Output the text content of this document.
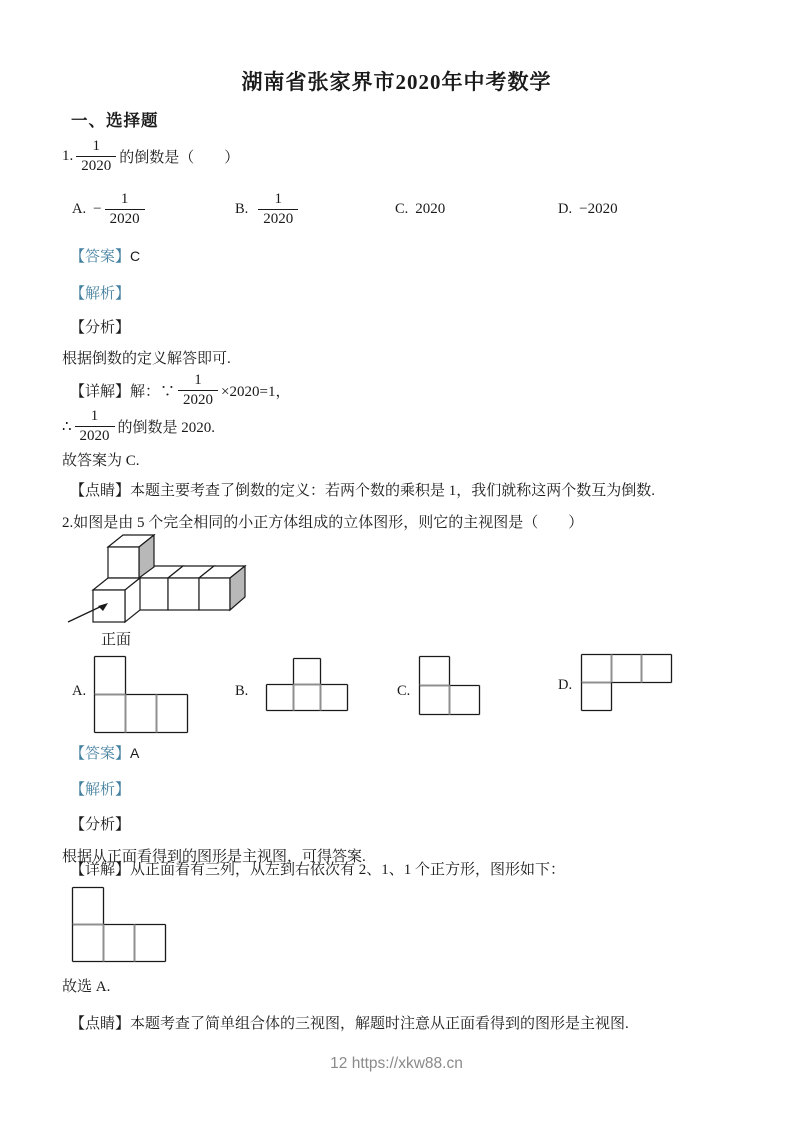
湖南省张家界市2020年中考数学
一、选择题
1. $\frac{1}{2020}$ 的倒数是（　　）
A. − $\frac{1}{2020}$	B. $\frac{1}{2020}$	C. 2020	D. −2020
【答案】C
【解析】
【分析】
根据倒数的定义解答即可.
【详解】 解：∵ $\frac{1}{2020} \times 2020=1$，
∴ $\frac{1}{2020}$ 的倒数是 2020.
故答案为 C.
【点睛】本题主要考查了倒数的定义：若两个数的乘积是 1，我们就称这两个数互为倒数.
2.如图是由 5 个完全相同的小正方体组成的立体图形，则它的主视图是（　　）
正面
A.	B.	C.	D.
【答案】A
【解析】
【分析】
根据从正面看得到的图形是主视图，可得答案.
【详解】从正面看有三列，从左到右依次有 2、1、1 个正方形，图形如下：
故选 A.
【点睛】本题考查了简单组合体的三视图，解题时注意从正面看得到的图形是主视图.
12 https://xkw88.cn
